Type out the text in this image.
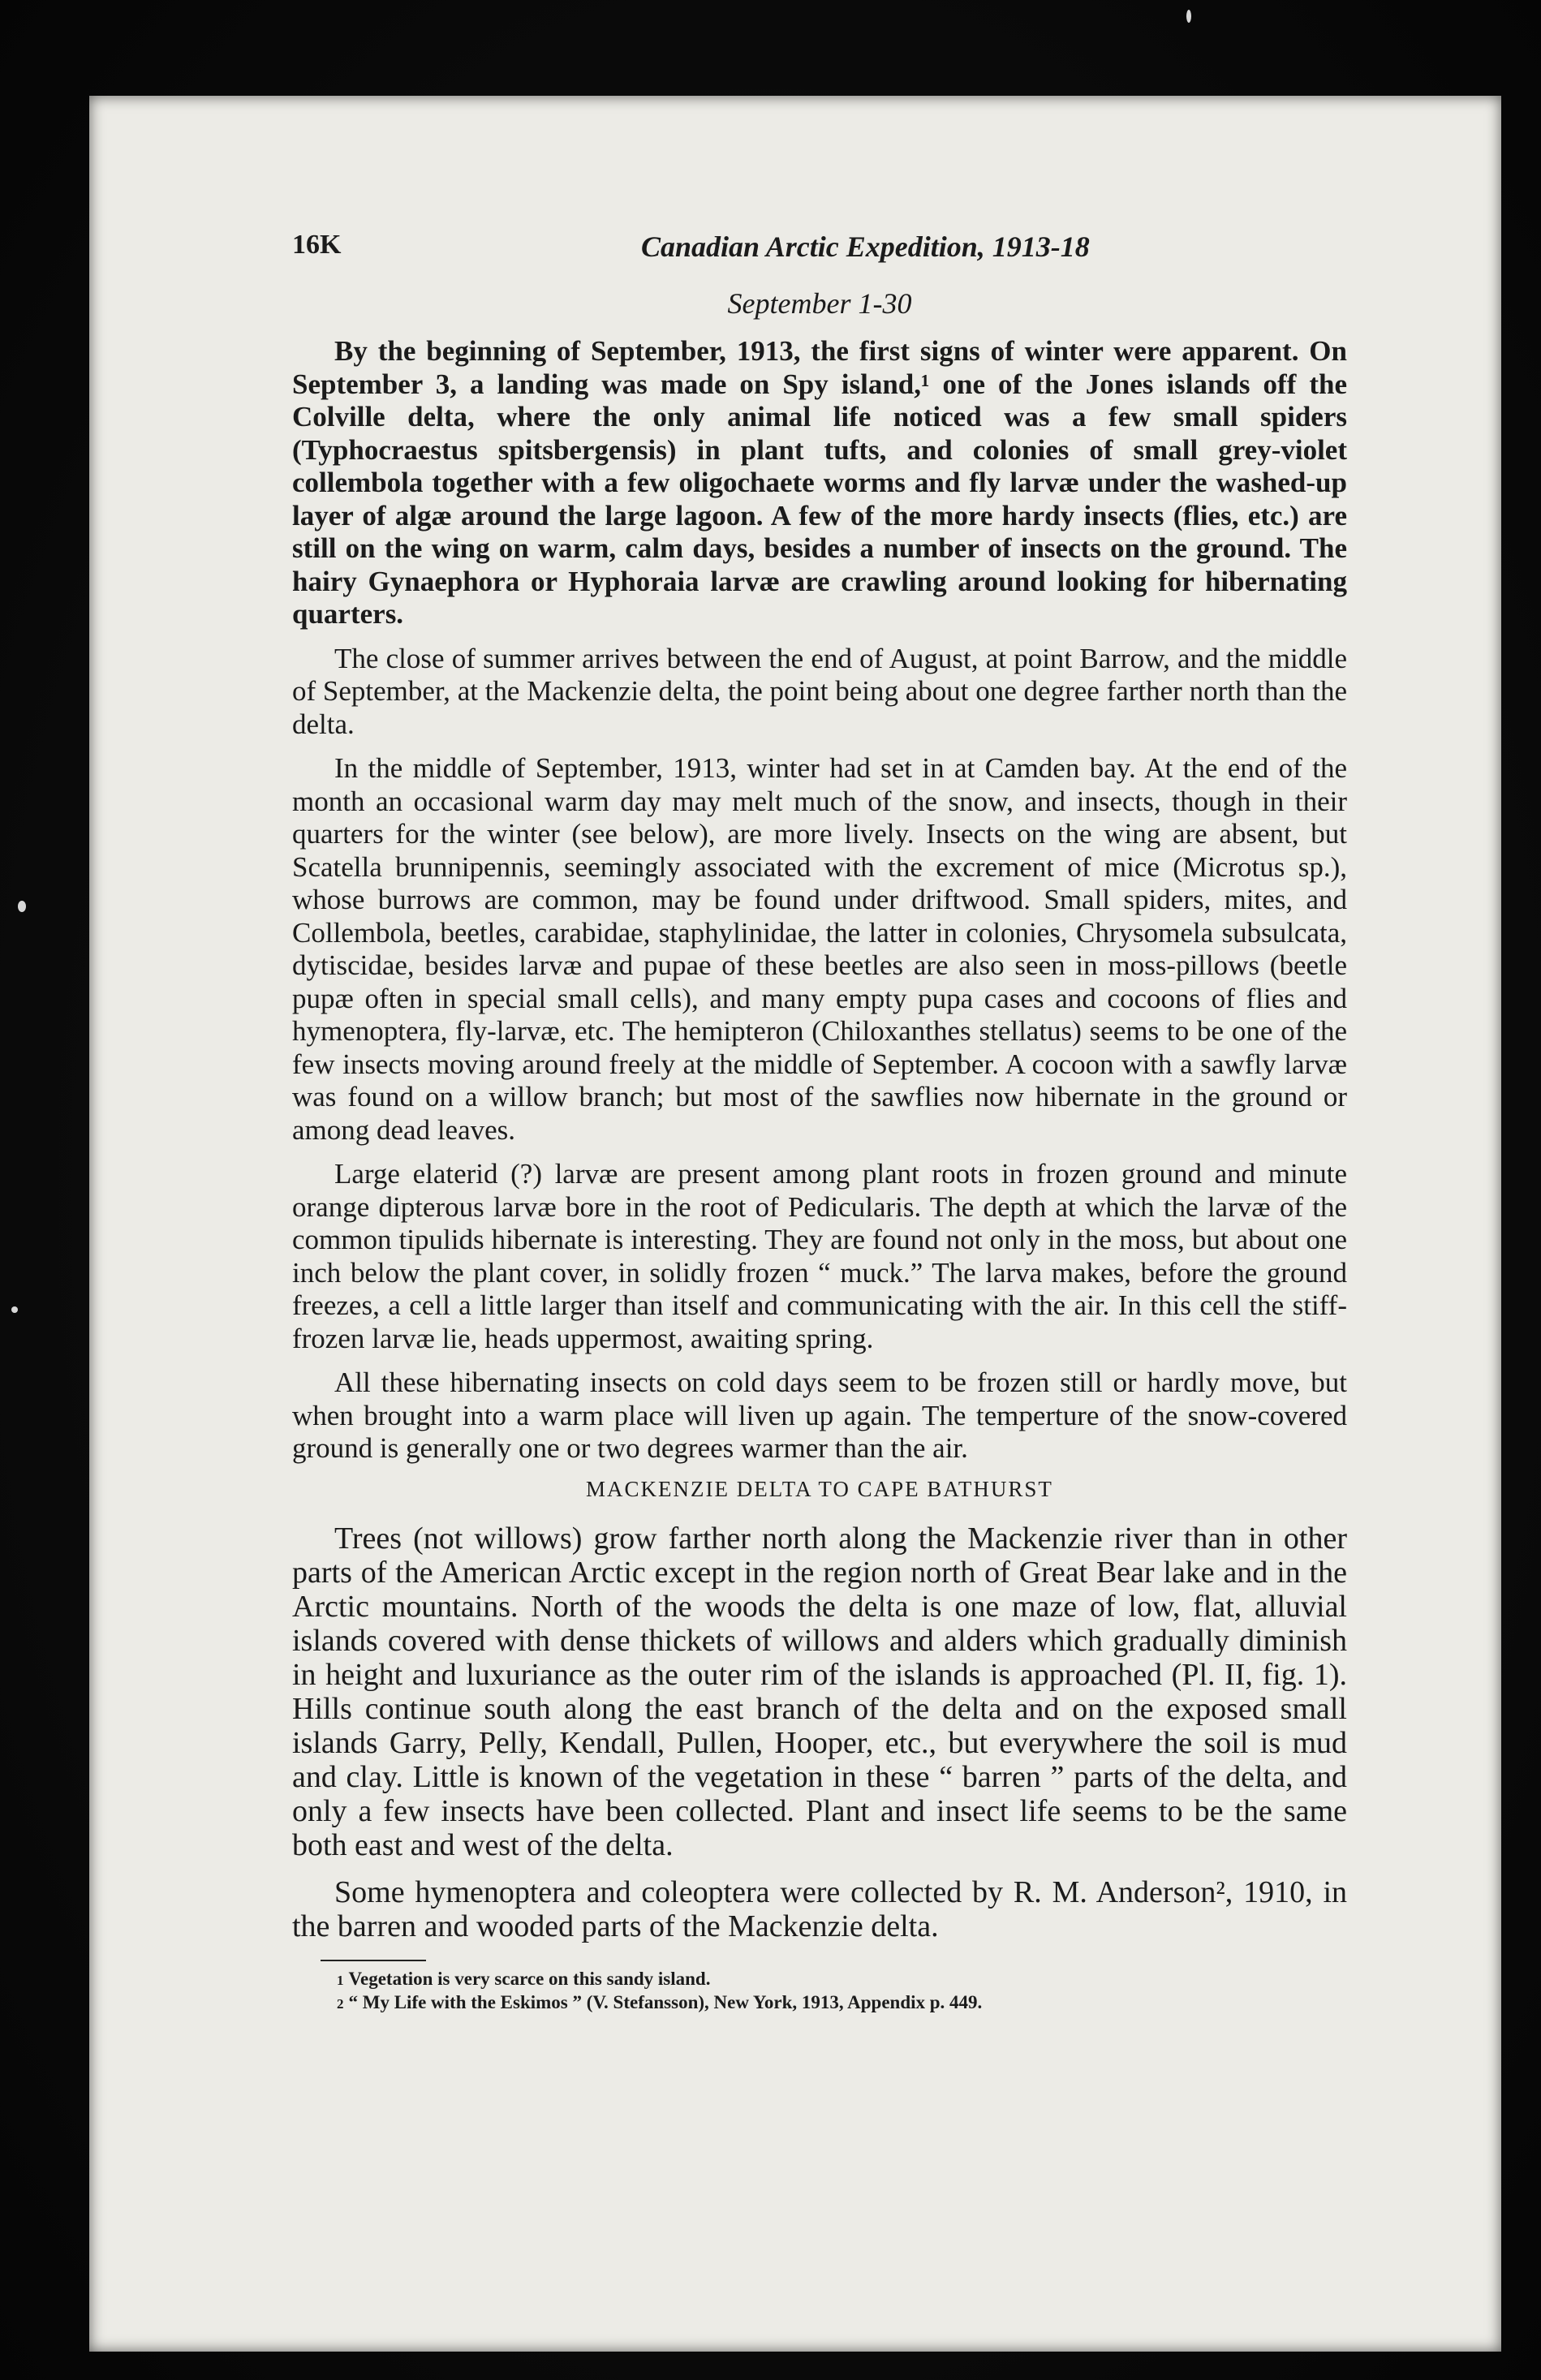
16K	Canadian Arctic Expedition, 1913-18
September 1-30

By the beginning of September, 1913, the first signs of winter were apparent. On September 3, a landing was made on Spy island,¹ one of the Jones islands off the Colville delta, where the only animal life noticed was a few small spiders (Typhocraestus spitsbergensis) in plant tufts, and colonies of small grey-violet collembola together with a few oligochaete worms and fly larvæ under the washed-up layer of algæ around the large lagoon. A few of the more hardy insects (flies, etc.) are still on the wing on warm, calm days, besides a number of insects on the ground. The hairy Gynaephora or Hyphoraia larvæ are crawling around looking for hibernating quarters.

The close of summer arrives between the end of August, at point Barrow, and the middle of September, at the Mackenzie delta, the point being about one degree farther north than the delta.

In the middle of September, 1913, winter had set in at Camden bay. At the end of the month an occasional warm day may melt much of the snow, and insects, though in their quarters for the winter (see below), are more lively. Insects on the wing are absent, but Scatella brunnipennis, seemingly associated with the excrement of mice (Microtus sp.), whose burrows are common, may be found under driftwood. Small spiders, mites, and Collembola, beetles, carabidae, staphylinidae, the latter in colonies, Chrysomela subsulcata, dytiscidae, besides larvæ and pupae of these beetles are also seen in moss-pillows (beetle pupæ often in special small cells), and many empty pupa cases and cocoons of flies and hymenoptera, fly-larvæ, etc. The hemipteron (Chiloxanthes stellatus) seems to be one of the few insects moving around freely at the middle of September. A cocoon with a sawfly larvæ was found on a willow branch; but most of the sawflies now hibernate in the ground or among dead leaves.

Large elaterid (?) larvæ are present among plant roots in frozen ground and minute orange dipterous larvæ bore in the root of Pedicularis. The depth at which the larvæ of the common tipulids hibernate is interesting. They are found not only in the moss, but about one inch below the plant cover, in solidly frozen “ muck.” The larva makes, before the ground freezes, a cell a little larger than itself and communicating with the air. In this cell the stiff-frozen larvæ lie, heads uppermost, awaiting spring.

All these hibernating insects on cold days seem to be frozen still or hardly move, but when brought into a warm place will liven up again. The temperture of the snow-covered ground is generally one or two degrees warmer than the air.

MACKENZIE DELTA TO CAPE BATHURST

Trees (not willows) grow farther north along the Mackenzie river than in other parts of the American Arctic except in the region north of Great Bear lake and in the Arctic mountains. North of the woods the delta is one maze of low, flat, alluvial islands covered with dense thickets of willows and alders which gradually diminish in height and luxuriance as the outer rim of the islands is approached (Pl. II, fig. 1). Hills continue south along the east branch of the delta and on the exposed small islands Garry, Pelly, Kendall, Pullen, Hooper, etc., but everywhere the soil is mud and clay. Little is known of the vegetation in these “ barren ” parts of the delta, and only a few insects have been collected. Plant and insect life seems to be the same both east and west of the delta.

Some hymenoptera and coleoptera were collected by R. M. Anderson², 1910, in the barren and wooded parts of the Mackenzie delta.

1 Vegetation is very scarce on this sandy island.
2 “ My Life with the Eskimos ” (V. Stefansson), New York, 1913, Appendix p. 449.
